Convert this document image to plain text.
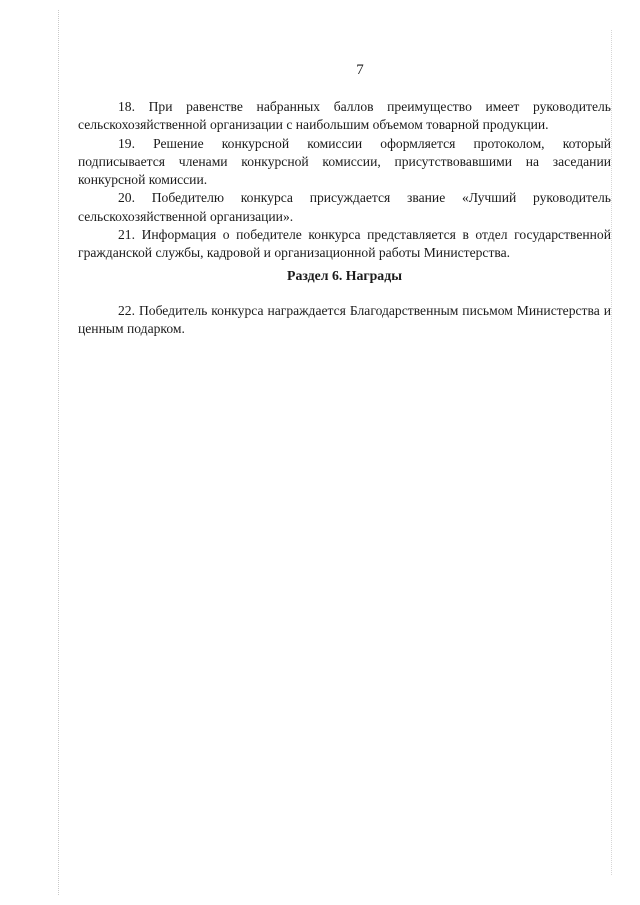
7

18. При равенстве набранных баллов преимущество имеет руководитель сельскохозяйственной организации с наибольшим объемом товарной продукции.

19. Решение конкурсной комиссии оформляется протоколом, который подписывается членами конкурсной комиссии, присутствовавшими на заседании конкурсной комиссии.

20. Победителю конкурса присуждается звание «Лучший руководитель сельскохозяйственной организации».

21. Информация о победителе конкурса представляется в отдел государственной гражданской службы, кадровой и организационной работы Министерства.

Раздел 6. Награды

22. Победитель конкурса награждается Благодарственным письмом Министерства и ценным подарком.
